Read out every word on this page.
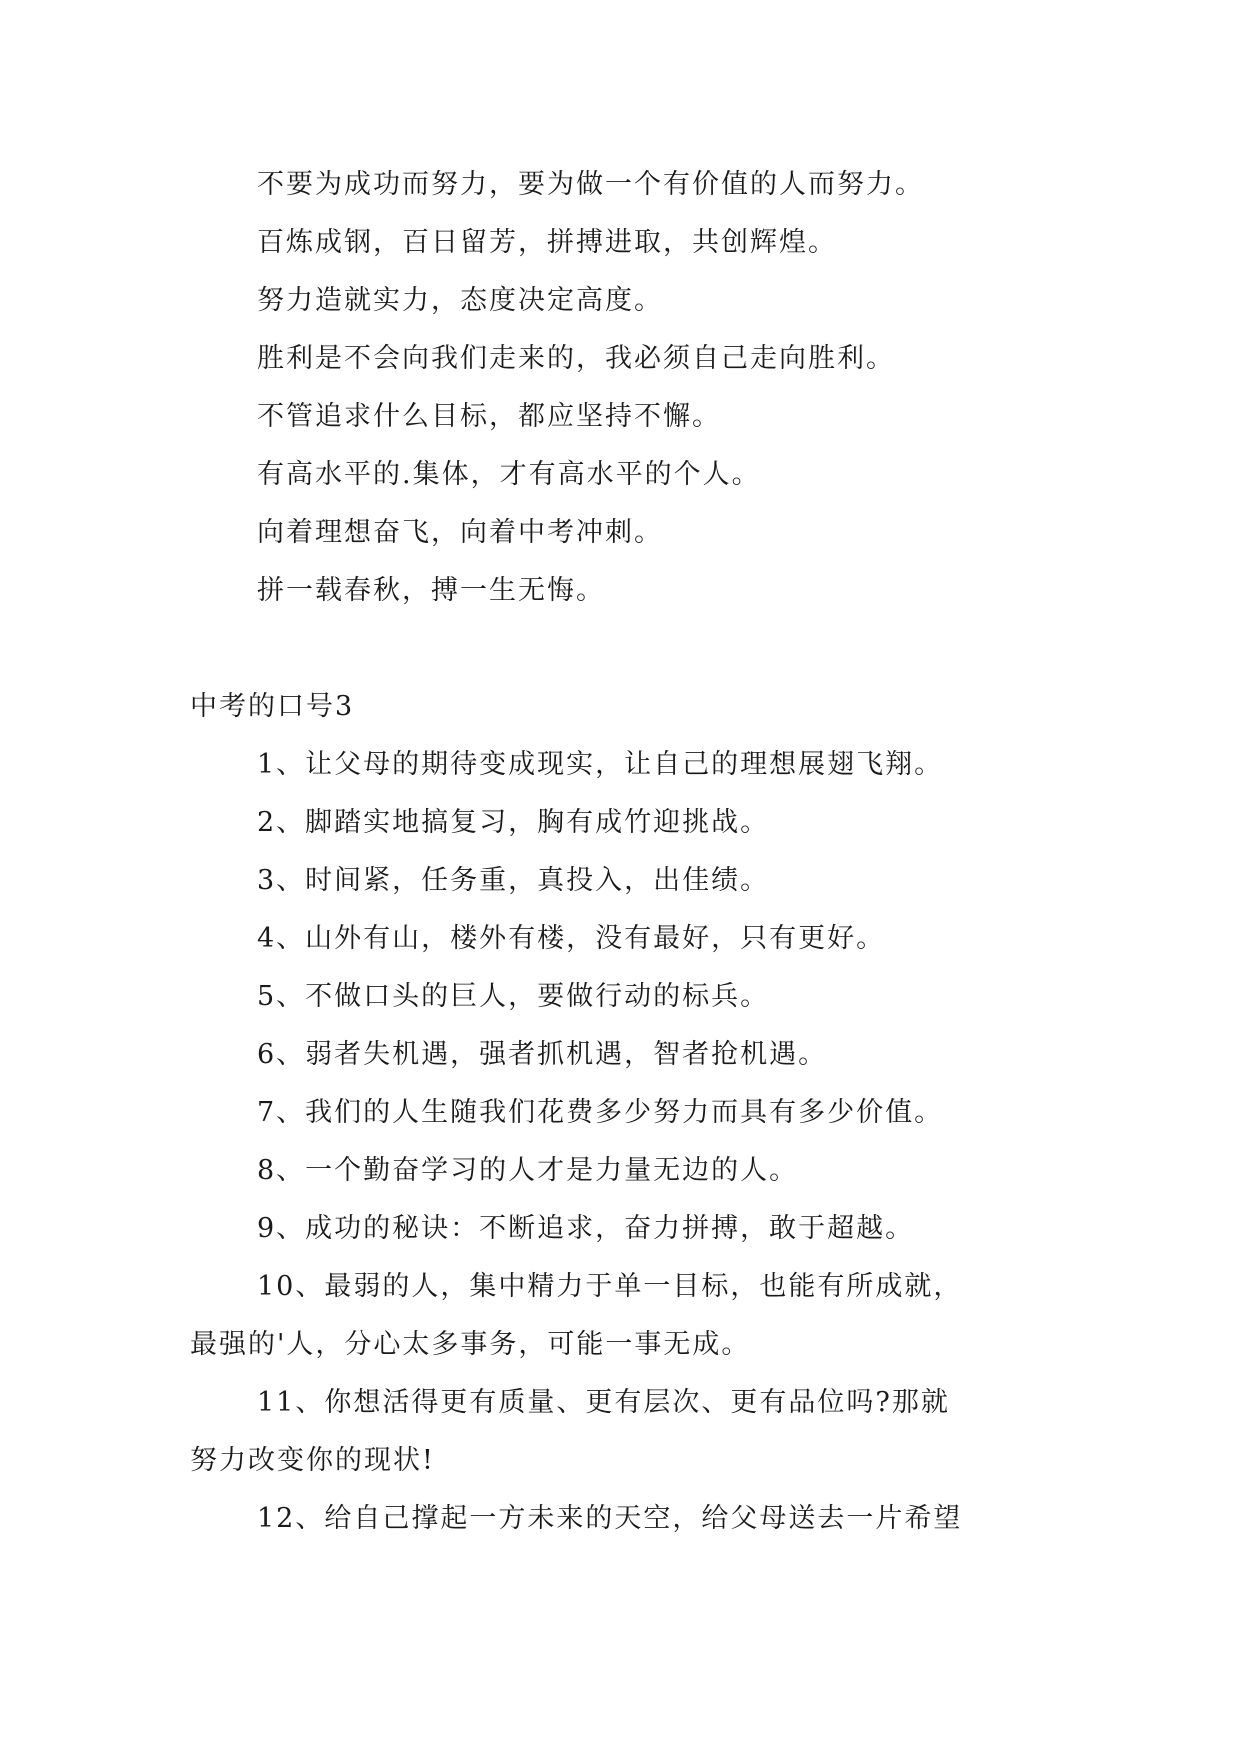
不要为成功而努力，要为做一个有价值的人而努力。
百炼成钢，百日留芳，拼搏进取，共创辉煌。
努力造就实力，态度决定高度。
胜利是不会向我们走来的，我必须自己走向胜利。
不管追求什么目标，都应坚持不懈。
有高水平的.集体，才有高水平的个人。
向着理想奋飞，向着中考冲刺。
拼一载春秋，搏一生无悔。
中考的口号3
1、让父母的期待变成现实，让自己的理想展翅飞翔。
2、脚踏实地搞复习，胸有成竹迎挑战。
3、时间紧，任务重，真投入，出佳绩。
4、山外有山，楼外有楼，没有最好，只有更好。
5、不做口头的巨人，要做行动的标兵。
6、弱者失机遇，强者抓机遇，智者抢机遇。
7、我们的人生随我们花费多少努力而具有多少价值。
8、一个勤奋学习的人才是力量无边的人。
9、成功的秘诀：不断追求，奋力拼搏，敢于超越。
10、最弱的人，集中精力于单一目标，也能有所成就，
最强的'人，分心太多事务，可能一事无成。
11、你想活得更有质量、更有层次、更有品位吗?那就
努力改变你的现状!
12、给自己撑起一方未来的天空，给父母送去一片希望
